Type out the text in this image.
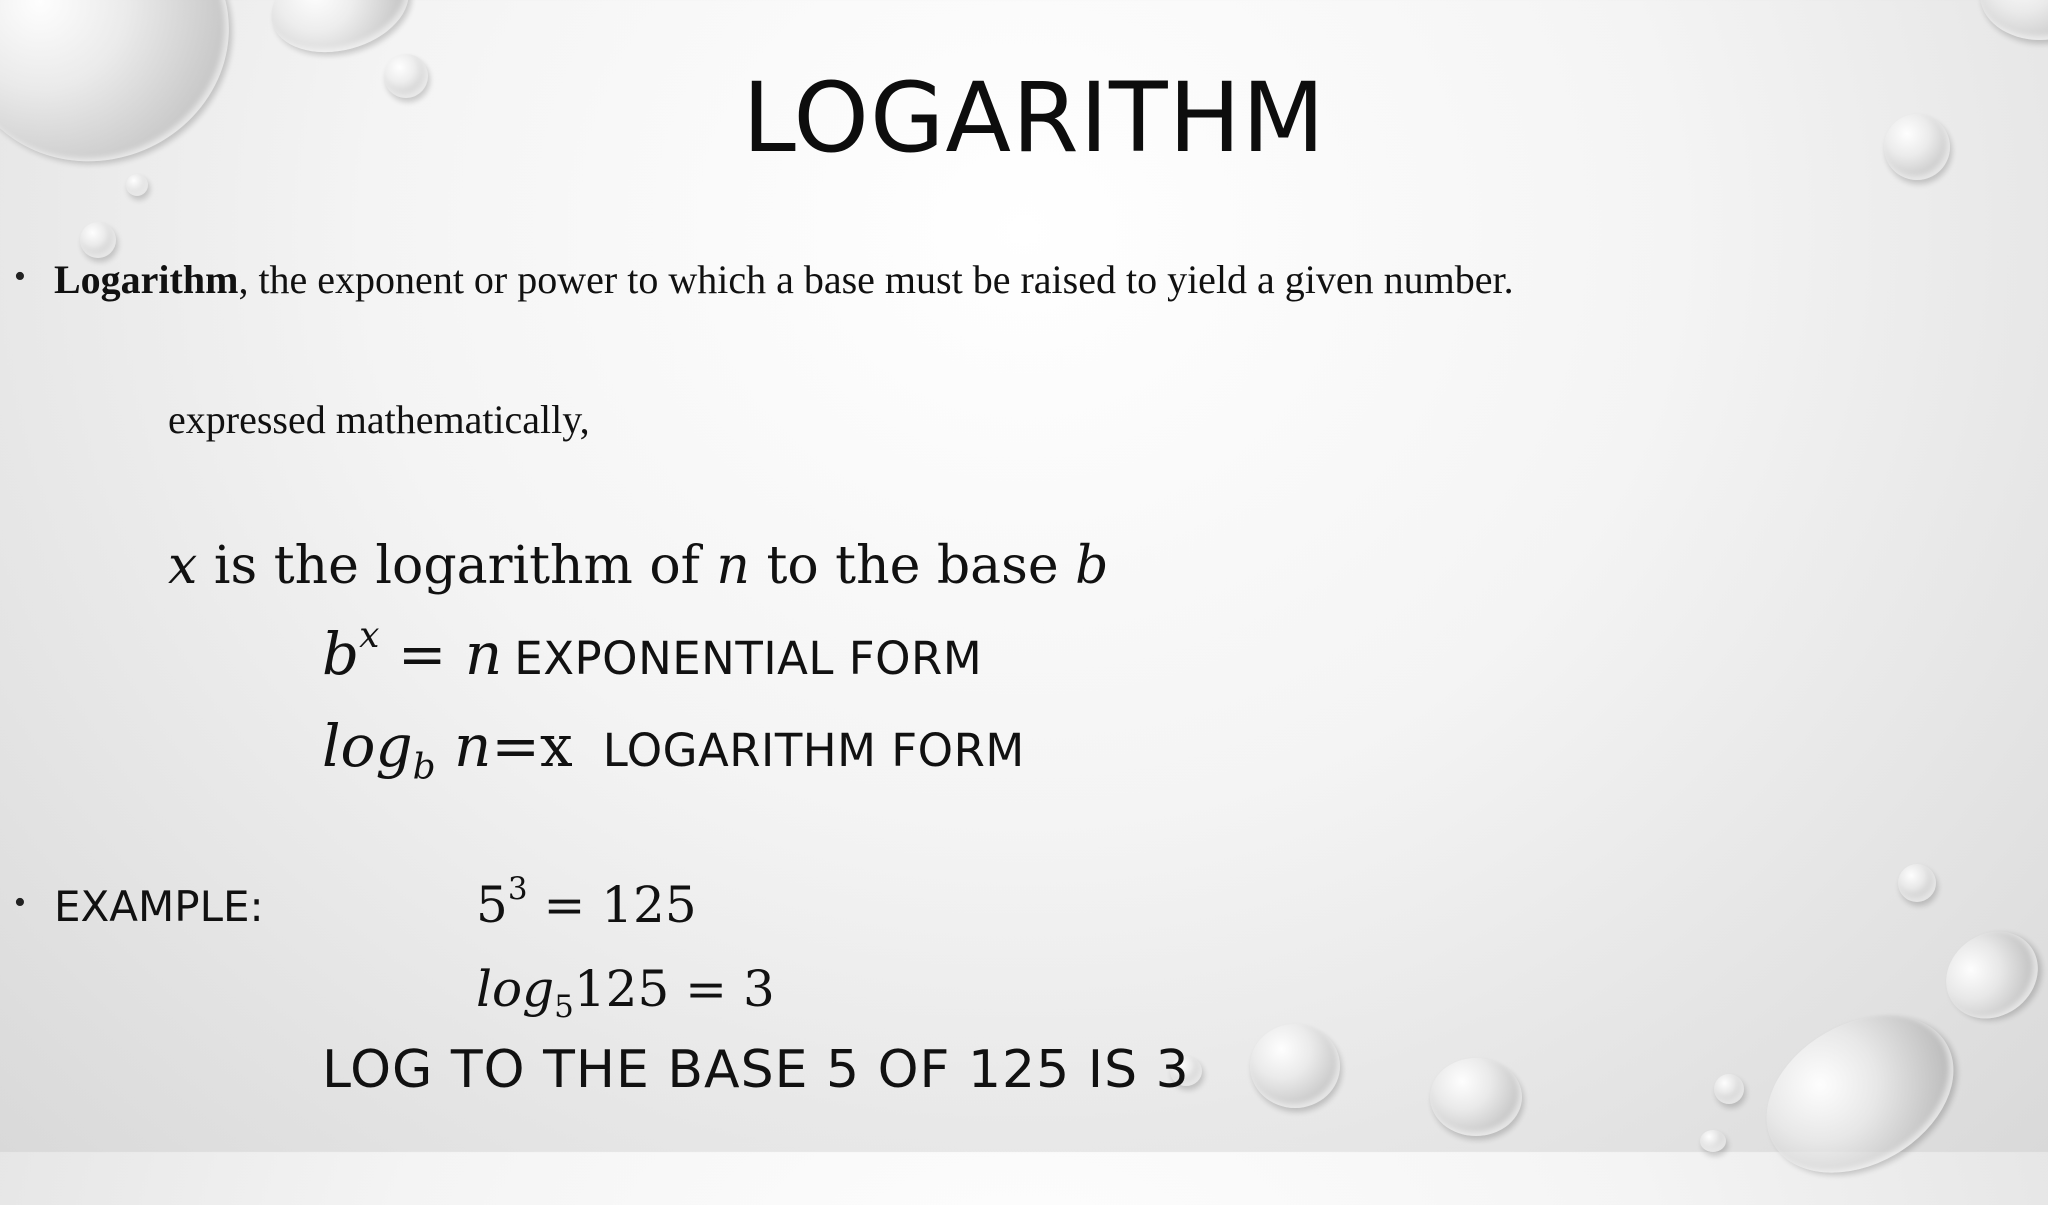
LOGARITHM
• Logarithm, the exponent or power to which a base must be raised to yield a given number.
expressed mathematically,
x is the logarithm of n to the base b
$b^x = n$ EXPONENTIAL FORM
$\log_b n=x$ LOGARITHM FORM
• EXAMPLE:	$5^3 = 125$
$\log_5125 = 3$
LOG TO THE BASE 5 OF 125 IS 3
